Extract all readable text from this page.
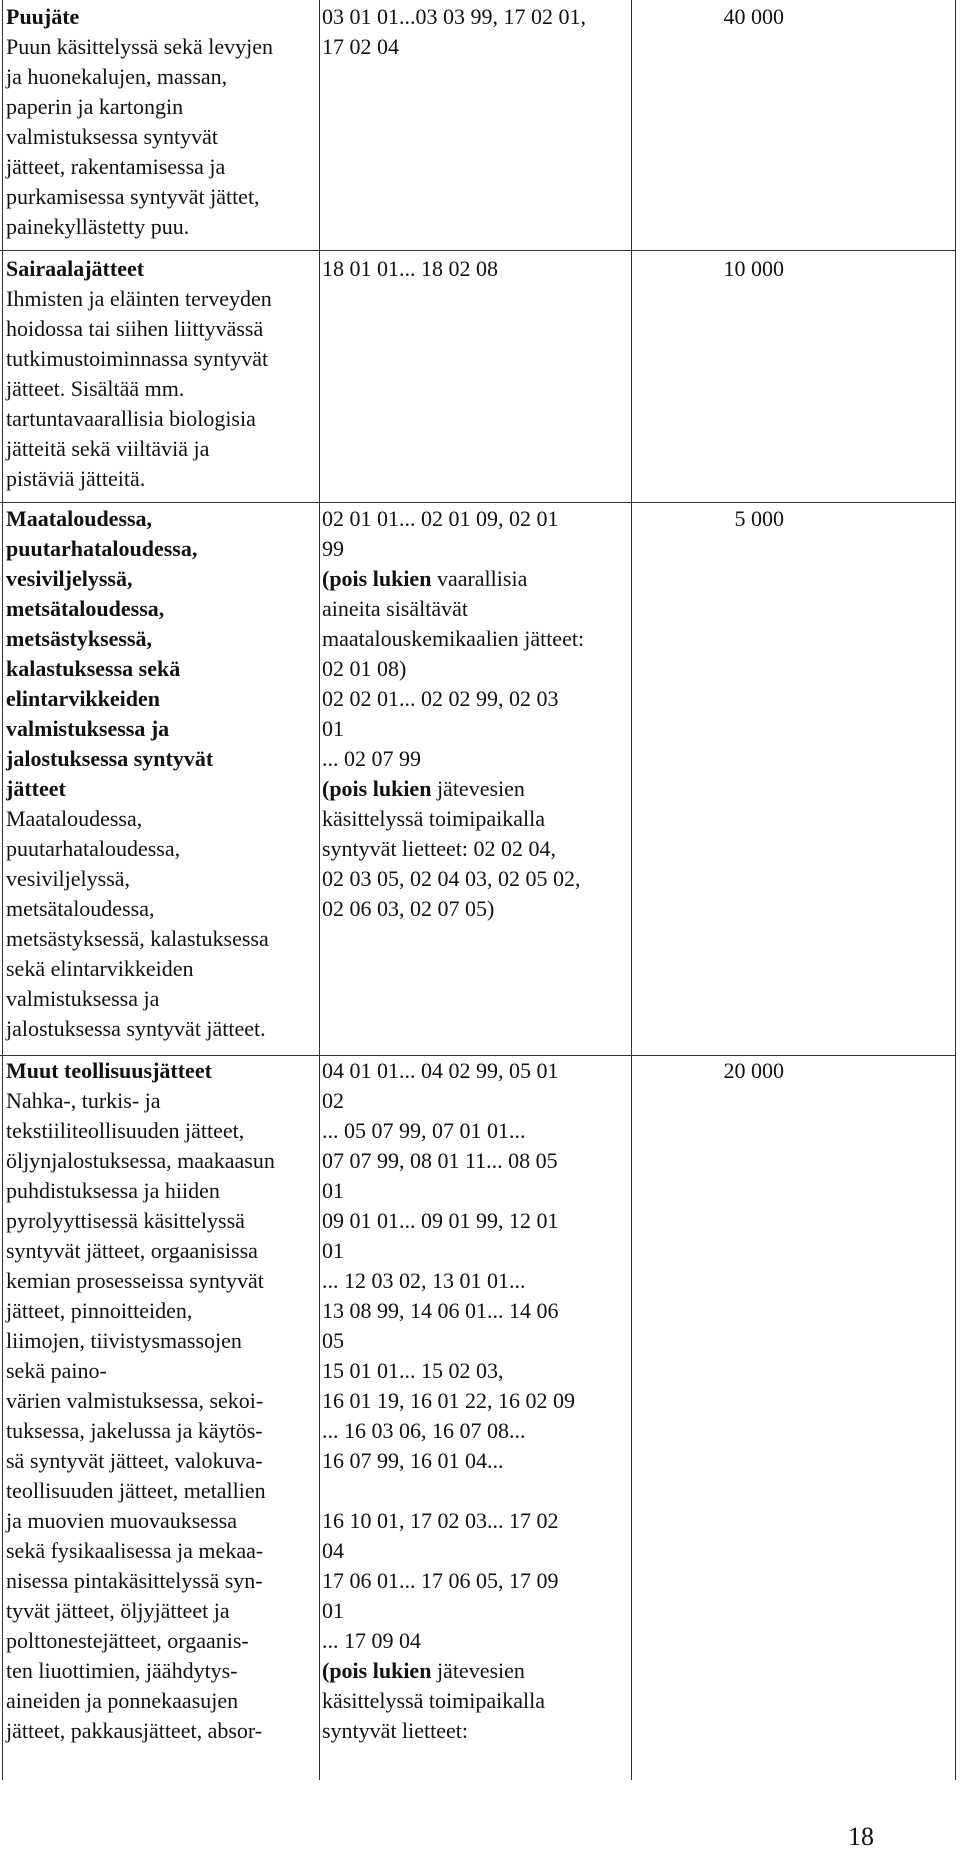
Puujäte
Puun käsittelyssä sekä levyjen
ja huonekalujen, massan,
paperin ja kartongin
valmistuksessa syntyvät
jätteet, rakentamisessa ja
purkamisessa syntyvät jättet,
painekyllästetty puu.
03 01 01...03 03 99, 17 02 01,
17 02 04
40 000
Sairaalajätteet
Ihmisten ja eläinten terveyden
hoidossa tai siihen liittyvässä
tutkimustoiminnassa syntyvät
jätteet. Sisältää mm.
tartuntavaarallisia biologisia
jätteitä sekä viiltäviä ja
pistäviä jätteitä.
18 01 01... 18 02 08	10 000
Maataloudessa,
puutarhataloudessa,
vesiviljelyssä,
metsätaloudessa,
metsästyksessä,
kalastuksessa sekä
elintarvikkeiden
valmistuksessa ja
jalostuksessa syntyvät
jätteet
Maataloudessa,
puutarhataloudessa,
vesiviljelyssä,
metsätaloudessa,
metsästyksessä, kalastuksessa
sekä elintarvikkeiden
valmistuksessa ja
jalostuksessa syntyvät jätteet.
02 01 01... 02 01 09, 02 01
99
(pois lukien vaarallisia
aineita sisältävät
maatalouskemikaalien jätteet:
02 01 08)
02 02 01... 02 02 99, 02 03
01
... 02 07 99
(pois lukien jätevesien
käsittelyssä toimipaikalla
syntyvät lietteet: 02 02 04,
02 03 05, 02 04 03, 02 05 02,
02 06 03, 02 07 05)
5 000
Muut teollisuusjätteet
Nahka-, turkis- ja
tekstiiliteollisuuden jätteet,
öljynjalostuksessa, maakaasun
puhdistuksessa ja hiiden
pyrolyyttisessä käsittelyssä
syntyvät jätteet, orgaanisissa
kemian prosesseissa syntyvät
jätteet, pinnoitteiden,
liimojen, tiivistysmassojen
sekä paino-
värien valmistuksessa, sekoi-
tuksessa, jakelussa ja käytös-
sä syntyvät jätteet, valokuva-
teollisuuden jätteet, metallien
ja muovien muovauksessa
sekä fysikaalisessa ja mekaa-
nisessa pintakäsittelyssä syn-
tyvät jätteet, öljyjätteet ja
polttonestejätteet, orgaanis-
ten liuottimien, jäähdytys-
aineiden ja ponnekaasujen
jätteet, pakkausjätteet, absor-
04 01 01... 04 02 99, 05 01
02
... 05 07 99, 07 01 01...
07 07 99, 08 01 11... 08 05
01
09 01 01... 09 01 99, 12 01
01
... 12 03 02, 13 01 01...
13 08 99, 14 06 01... 14 06
05
15 01 01... 15 02 03,
16 01 19, 16 01 22, 16 02 09
... 16 03 06, 16 07 08...
16 07 99, 16 01 04...
16 10 01, 17 02 03... 17 02
04
17 06 01... 17 06 05, 17 09
01
... 17 09 04
(pois lukien jätevesien
käsittelyssä toimipaikalla
syntyvät lietteet:
20 000
18
